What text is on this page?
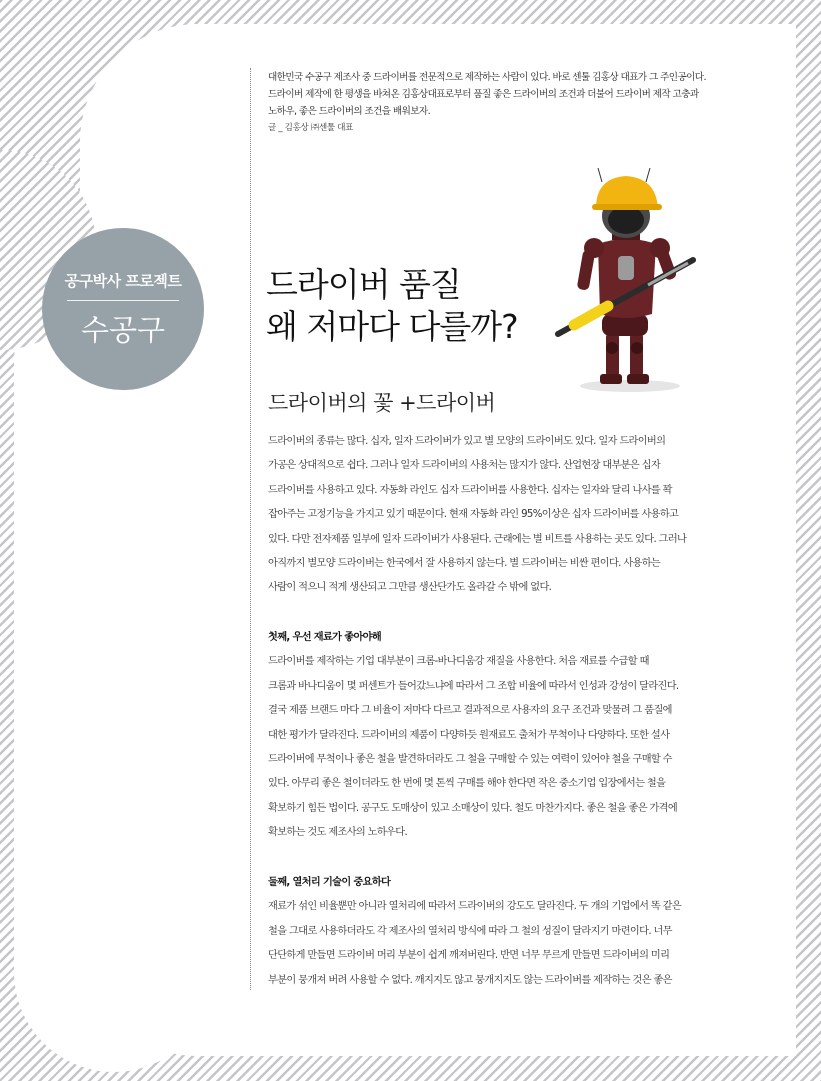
공구박사 프로젝트
수공구
대한민국 수공구 제조사 중 드라이버를 전문적으로 제작하는 사람이 있다. 바로 센툴 김홍상 대표가 그 주인공이다.
드라이버 제작에 한 평생을 바쳐온 김홍상대표로부터 품질 좋은 드라이버의 조건과 더불어 드라이버 제작 고충과
노하우, 좋은 드라이버의 조건을 배워보자.
글 _ 김홍상 ㈜센툴 대표
드라이버 품질
왜 저마다 다를까?
드라이버의 꽃 +드라이버
드라이버의 종류는 많다. 십자, 일자 드라이버가 있고 별 모양의 드라이버도 있다. 일자 드라이버의
가공은 상대적으로 쉽다. 그러나 일자 드라이버의 사용처는 많지가 않다. 산업현장 대부분은 십자
드라이버를 사용하고 있다. 자동화 라인도 십자 드라이버를 사용한다. 십자는 일자와 달리 나사를 꽉
잡아주는 고정기능을 가지고 있기 때문이다. 현재 자동화 라인 95%이상은 십자 드라이버를 사용하고
있다. 다만 전자제품 일부에 일자 드라이버가 사용된다. 근래에는 별 비트를 사용하는 곳도 있다. 그러나
아직까지 별모양 드라이버는 한국에서 잘 사용하지 않는다. 별 드라이버는 비싼 편이다. 사용하는
사람이 적으니 적게 생산되고 그만큼 생산단가도 올라갈 수 밖에 없다.
첫째, 우선 재료가 좋아야해
드라이버를 제작하는 기업 대부분이 크롬-바나디움강 재질을 사용한다. 처음 재료를 수급할 때
크롬과 바나디움이 몇 퍼센트가 들어갔느냐에 따라서 그 조합 비율에 따라서 인성과 강성이 달라진다.
결국 제품 브랜드 마다 그 비율이 저마다 다르고 결과적으로 사용자의 요구 조건과 맞물려 그 품질에
대한 평가가 달라진다. 드라이버의 제품이 다양하듯 원재료도 출처가 무척이나 다양하다. 또한 설사
드라이버에 무척이나 좋은 철을 발견하더라도 그 철을 구매할 수 있는 여력이 있어야 철을 구매할 수
있다. 아무리 좋은 철이더라도 한 번에 몇 톤씩 구매를 해야 한다면 작은 중소기업 입장에서는 철을
확보하기 힘든 법이다. 공구도 도매상이 있고 소매상이 있다. 철도 마찬가지다. 좋은 철을 좋은 가격에
확보하는 것도 제조사의 노하우다.
둘째, 열처리 기술이 중요하다
재료가 섞인 비율뿐만 아니라 열처리에 따라서 드라이버의 강도도 달라진다. 두 개의 기업에서 똑 같은
철을 그대로 사용하더라도 각 제조사의 열처리 방식에 따라 그 철의 성질이 달라지기 마련이다. 너무
단단하게 만들면 드라이버 머리 부분이 쉽게 깨져버린다. 반면 너무 무르게 만들면 드라이버의 미리
부분이 뭉개져 버려 사용할 수 없다. 깨지지도 않고 뭉개지지도 않는 드라이버를 제작하는 것은 좋은
